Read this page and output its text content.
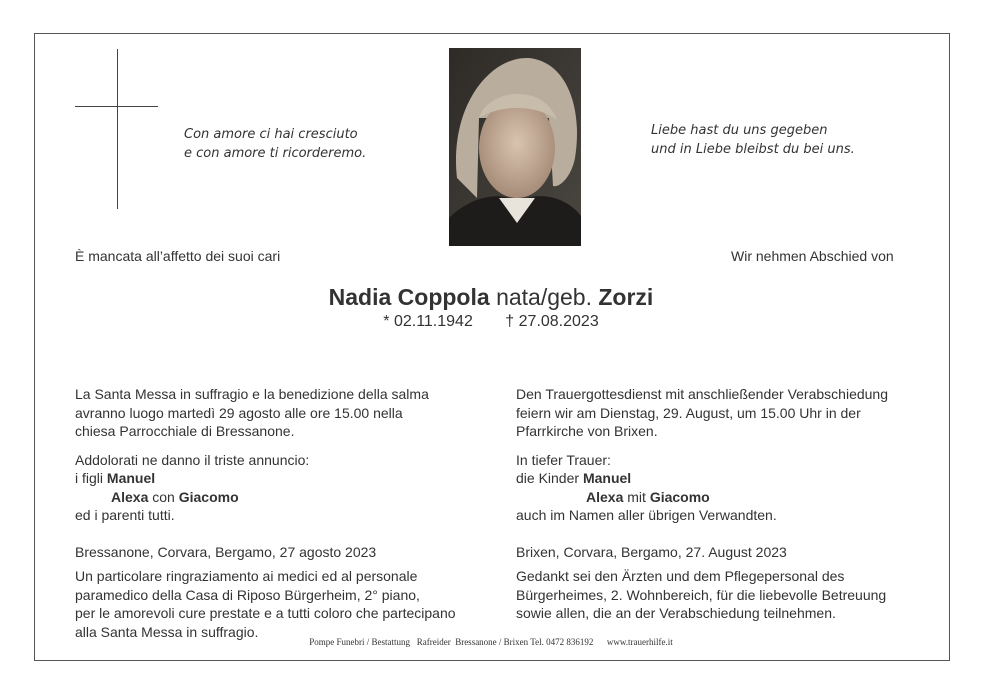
Con amore ci hai cresciuto
e con amore ti ricorderemo.
Liebe hast du uns gegeben
und in Liebe bleibst du bei uns.
È mancata all’affetto dei suoi cari	Wir nehmen Abschied von
Nadia Coppola nata/geb. Zorzi
* 02.11.1942 † 27.08.2023

La Santa Messa in suffragio e la benedizione della salma

avranno luogo martedì 29 agosto alle ore 15.00 nella

chiesa Parrocchiale di Bressanone.

Addolorati ne danno il triste annuncio:

i figli Manuel

Alexa con Giacomo

ed i parenti tutti.

Bressanone, Corvara, Bergamo, 27 agosto 2023

Un particolare ringraziamento ai medici ed al personale

paramedico della Casa di Riposo Bürgerheim, 2° piano,

per le amorevoli cure prestate e a tutti coloro che partecipano

alla Santa Messa in suffragio.

Den Trauergottesdienst mit anschließender Verabschiedung

feiern wir am Dienstag, 29. August, um 15.00 Uhr in der

Pfarrkirche von Brixen.

In tiefer Trauer:

die Kinder Manuel

Alexa mit Giacomo

auch im Namen aller übrigen Verwandten.

Brixen, Corvara, Bergamo, 27. August 2023

Gedankt sei den Ärzten und dem Pflegepersonal des

Bürgerheimes, 2. Wohnbereich, für die liebevolle Betreuung

sowie allen, die an der Verabschiedung teilnehmen.

Pompe Funebri / Bestattung   Rafreider  Bressanone / Brixen Tel. 0472 836192      www.trauerhilfe.it
